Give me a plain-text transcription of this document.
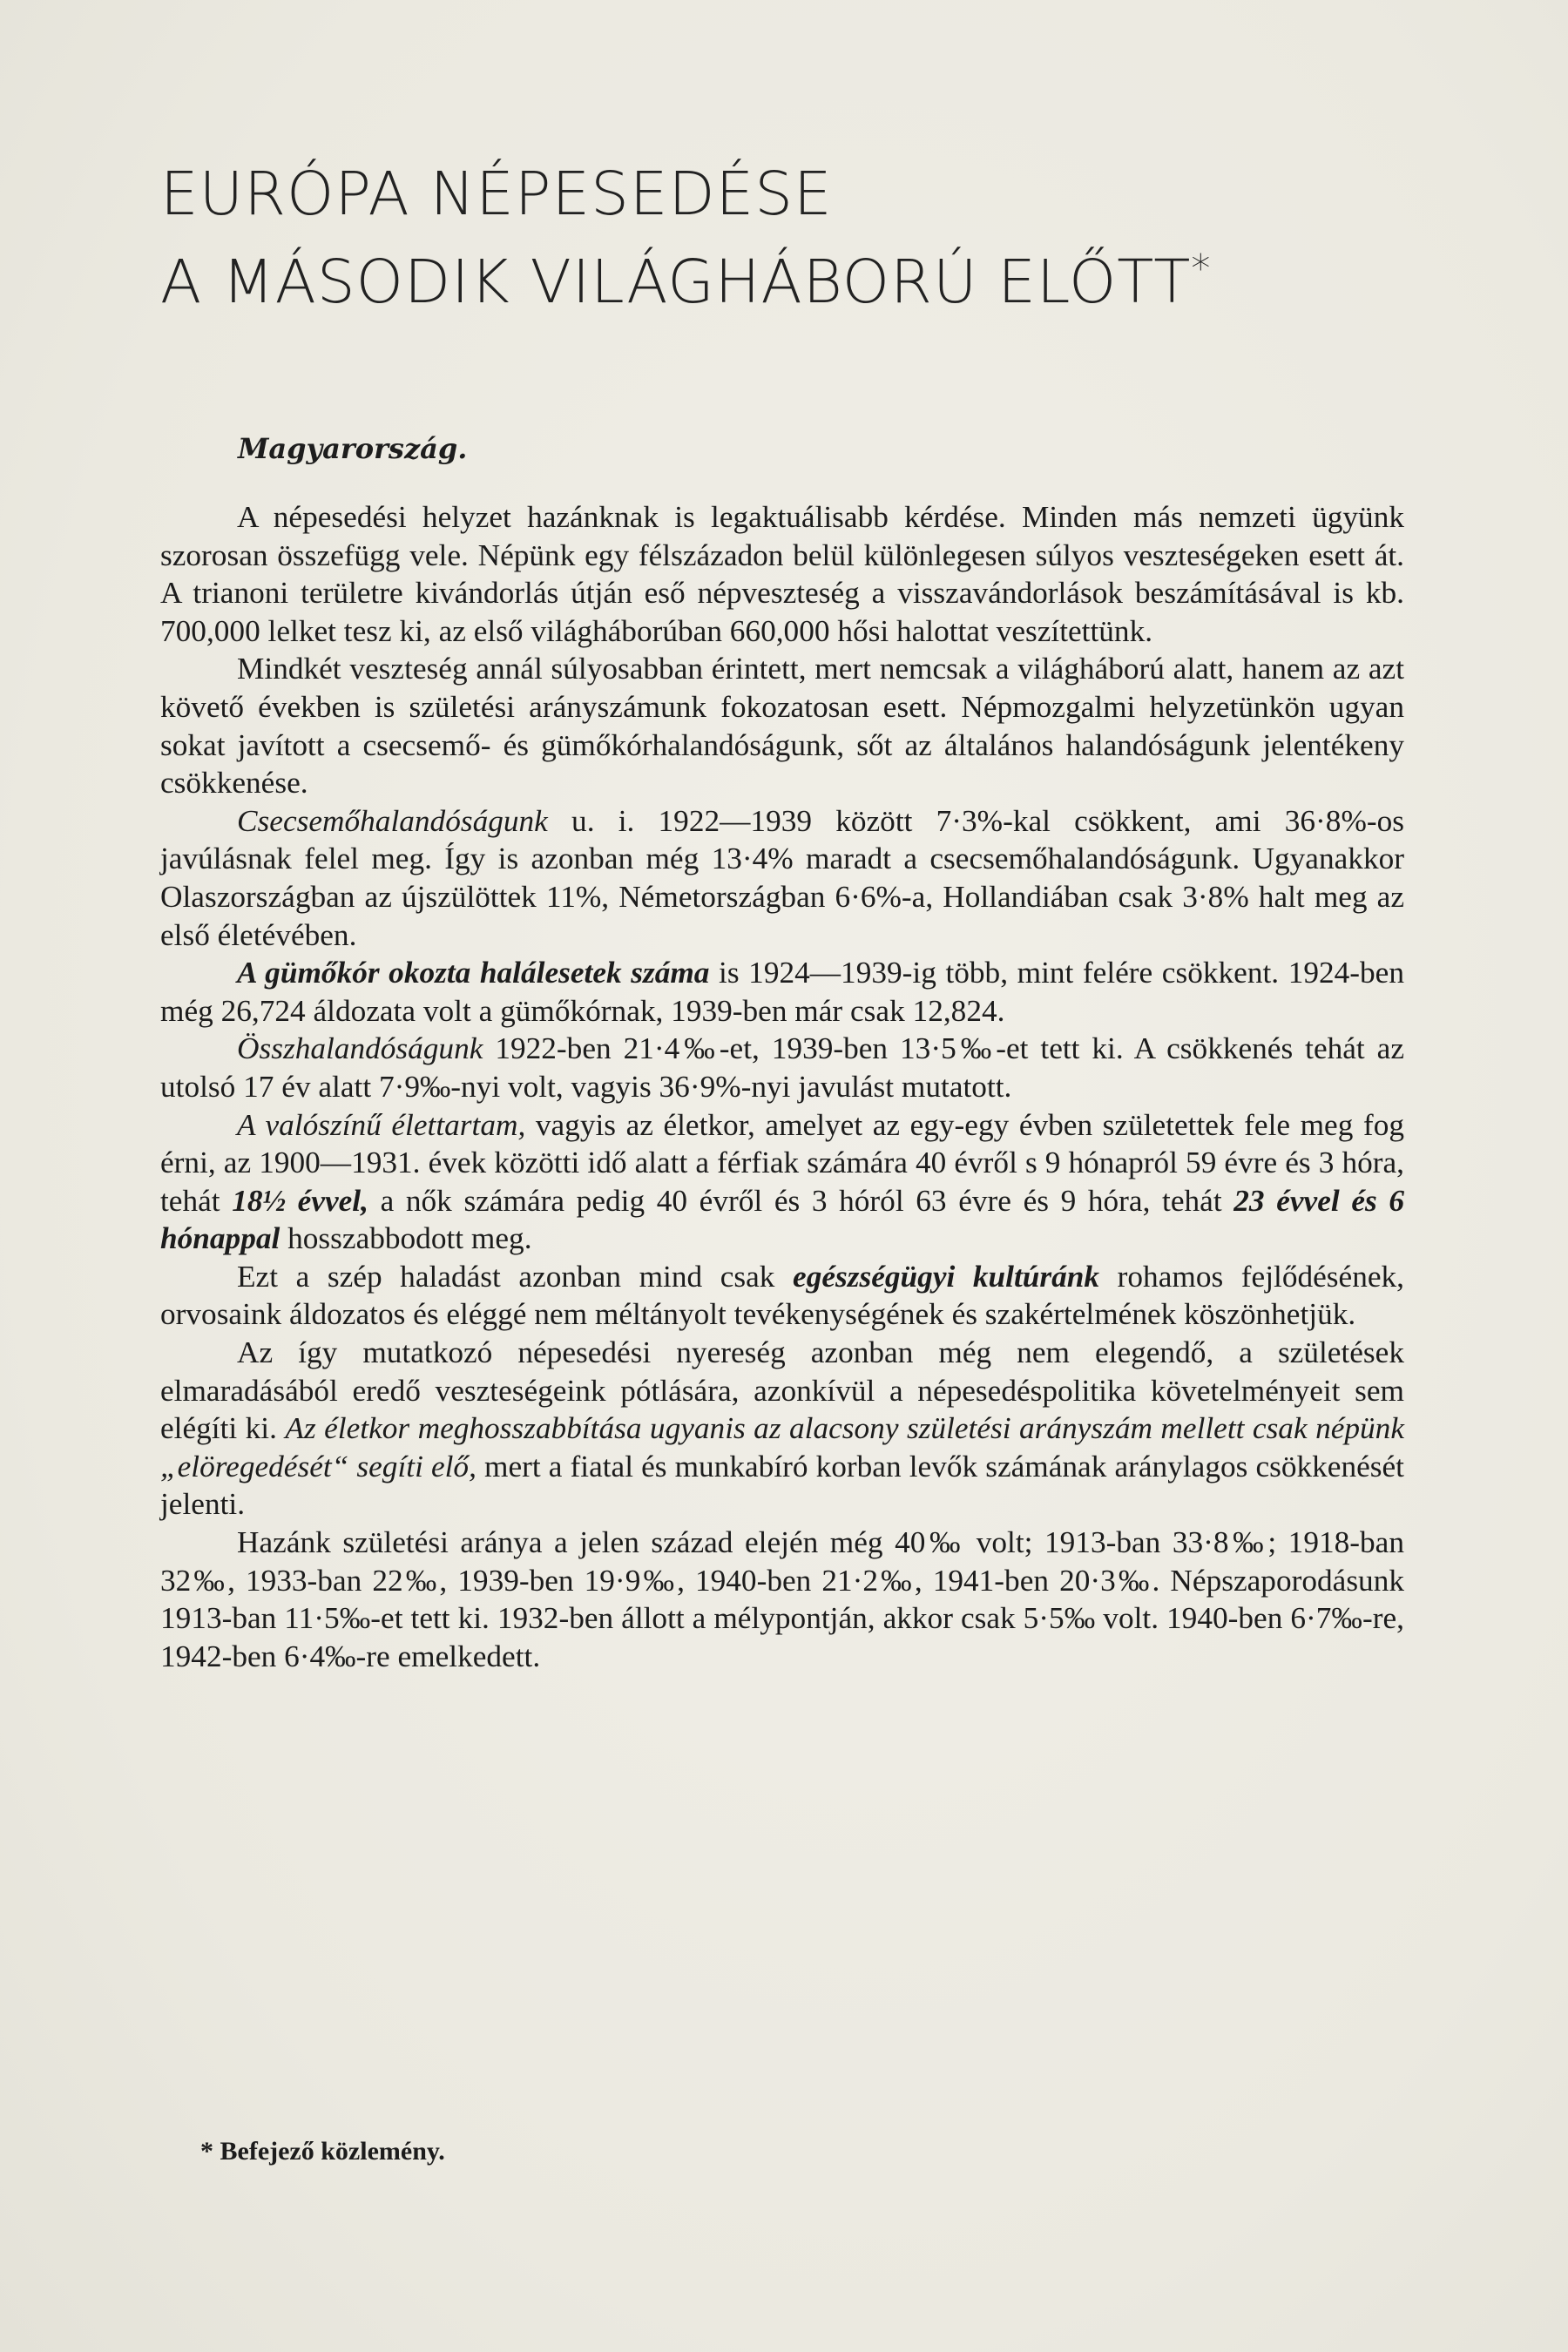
EURÓPA NÉPESEDÉSE
A MÁSODIK VILÁGHÁBORÚ ELŐTT*
Magyarország.

A népesedési helyzet hazánknak is legaktuálisabb kérdése. Minden más nemzeti ügyünk szorosan összefügg vele. Népünk egy félszázadon belül különlegesen súlyos veszteségeken esett át. A trianoni területre kivándorlás útján eső népveszteség a visszavándorlások beszámításával is kb. 700,000 lelket tesz ki, az első világháborúban 660,000 hősi halottat veszítettünk.

Mindkét veszteség annál súlyosabban érintett, mert nemcsak a világháború alatt, hanem az azt követő években is születési arányszámunk fokozatosan esett. Népmozgalmi helyzetünkön ugyan sokat javított a csecsemő- és gümőkórhalandóságunk, sőt az általános halandóságunk jelentékeny csökkenése.

Csecsemőhalandóságunk u. i. 1922—1939 között 7·3%-kal csökkent, ami 36·8%-os javúlásnak felel meg. Így is azonban még 13·4% maradt a csecsemőhalandóságunk. Ugyanakkor Olaszországban az újszülöttek 11%, Németországban 6·6%-a, Hollandiában csak 3·8% halt meg az első életévében.

A gümőkór okozta halálesetek száma is 1924—1939-ig több, mint felére csökkent. 1924-ben még 26,724 áldozata volt a gümőkórnak, 1939-ben már csak 12,824.

Összhalandóságunk 1922-ben 21·4‰-et, 1939-ben 13·5‰-et tett ki. A csökkenés tehát az utolsó 17 év alatt 7·9‰-nyi volt, vagyis 36·9%-nyi javulást mutatott.

A valószínű élettartam, vagyis az életkor, amelyet az egy-egy évben születettek fele meg fog érni, az 1900—1931. évek közötti idő alatt a férfiak számára 40 évről s 9 hónapról 59 évre és 3 hóra, tehát 18½ évvel, a nők számára pedig 40 évről és 3 hóról 63 évre és 9 hóra, tehát 23 évvel és 6 hónappal hosszabbodott meg.

Ezt a szép haladást azonban mind csak egészségügyi kultúránk rohamos fejlődésének, orvosaink áldozatos és eléggé nem méltányolt tevékenységének és szakértelmének köszönhetjük.

Az így mutatkozó népesedési nyereség azonban még nem elegendő, a születések elmaradásából eredő veszteségeink pótlására, azonkívül a népesedéspolitika követelményeit sem elégíti ki. Az életkor meghosszabbítása ugyanis az alacsony születési arányszám mellett csak népünk „elöregedését“ segíti elő, mert a fiatal és munkabíró korban levők számának aránylagos csökkenését jelenti.

Hazánk születési aránya a jelen század elején még 40‰ volt; 1913-ban 33·8‰; 1918-ban 32‰, 1933-ban 22‰, 1939-ben 19·9‰, 1940-ben 21·2‰, 1941-ben 20·3‰. Népszaporodásunk 1913-ban 11·5‰-et tett ki. 1932-ben állott a mélypontján, akkor csak 5·5‰ volt. 1940-ben 6·7‰-re, 1942-ben 6·4‰-re emelkedett.

* Befejező közlemény.
